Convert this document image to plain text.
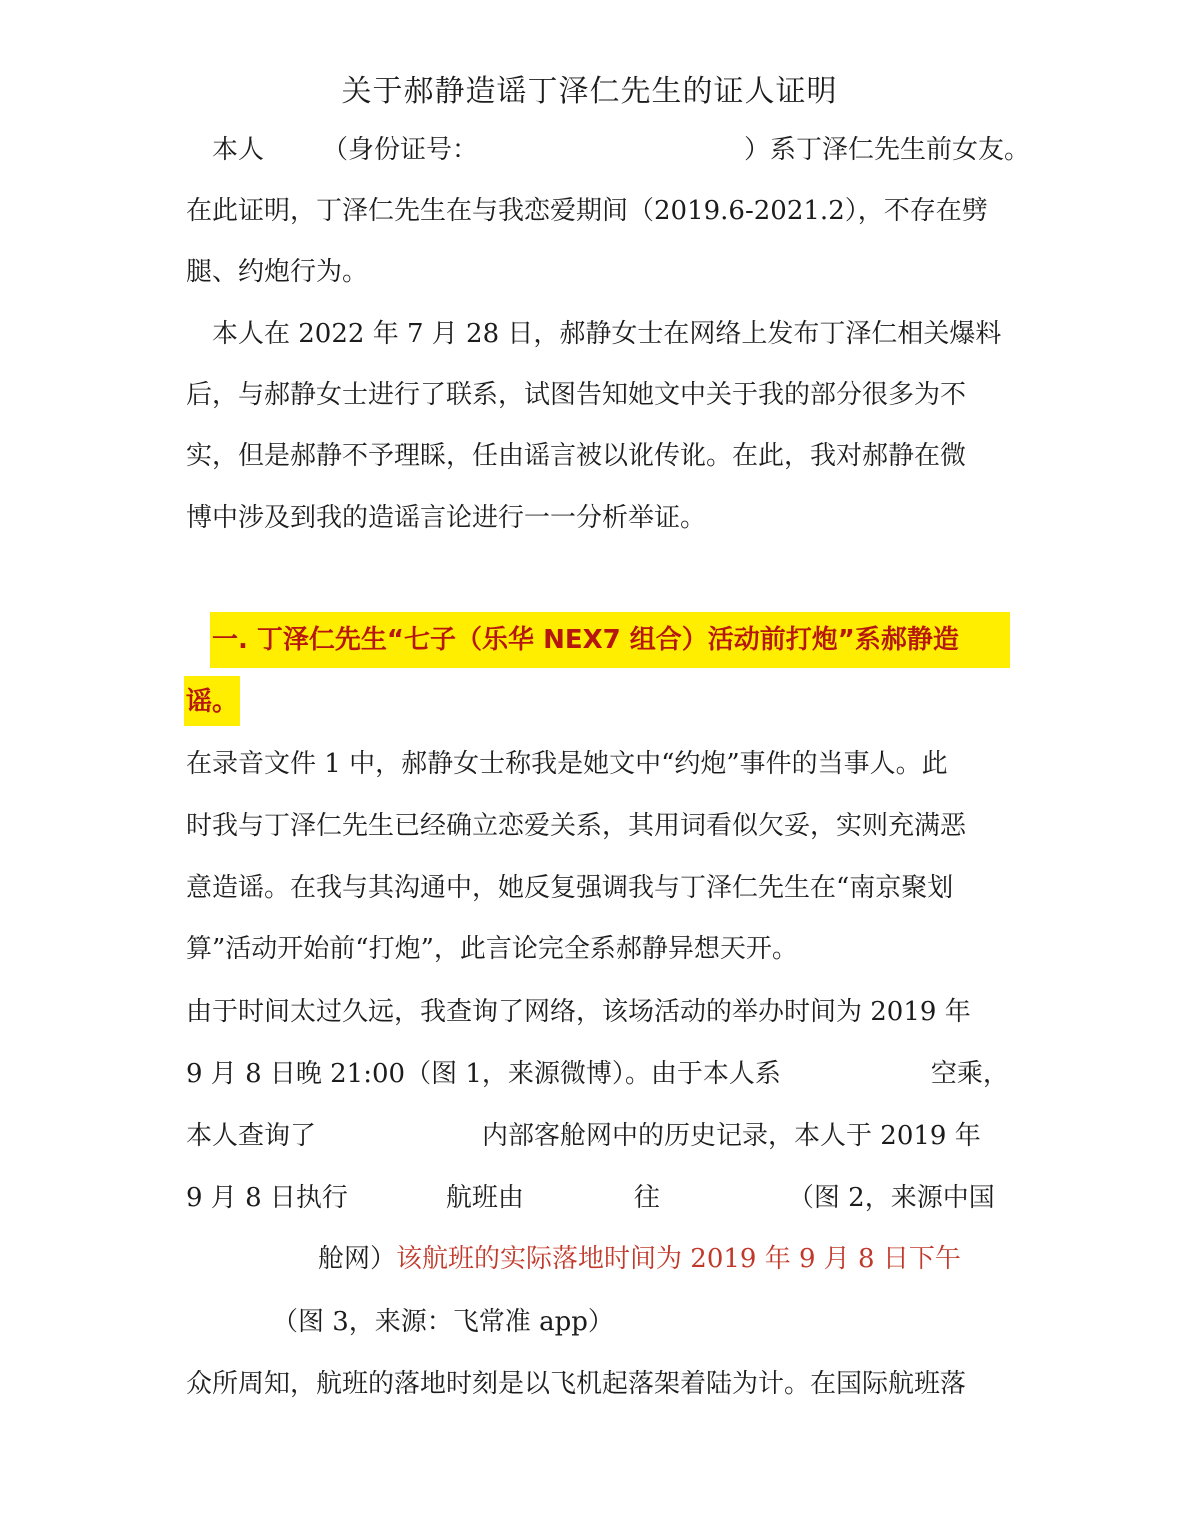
关于郝静造谣丁泽仁先生的证人证明
本人 （身份证号：	）系丁泽仁先生前女友。
在此证明，丁泽仁先生在与我恋爱期间（2019.6-2021.2），不存在劈
腿、约炮行为。
本人在 2022 年 7 月 28 日，郝静女士在网络上发布丁泽仁相关爆料
后，与郝静女士进行了联系，试图告知她文中关于我的部分很多为不
实，但是郝静不予理睬，任由谣言被以讹传讹。在此，我对郝静在微
博中涉及到我的造谣言论进行一一分析举证。
一. 丁泽仁先生“七子（乐华 NEX7 组合）活动前打炮”系郝静造
谣。
在录音文件 1 中，郝静女士称我是她文中“约炮”事件的当事人。此
时我与丁泽仁先生已经确立恋爱关系，其用词看似欠妥，实则充满恶
意造谣。在我与其沟通中，她反复强调我与丁泽仁先生在“南京聚划
算”活动开始前“打炮”，此言论完全系郝静异想天开。
由于时间太过久远，我查询了网络，该场活动的举办时间为 2019 年
9 月 8 日晚 21:00（图 1，来源微博）。由于本人系	空乘，
本人查询了	内部客舱网中的历史记录，本人于 2019 年
9 月 8 日执行	航班由	往	（图 2，来源中国
舱网）该航班的实际落地时间为 2019 年 9 月 8 日下午
（图 3，来源：飞常准 app）
众所周知，航班的落地时刻是以飞机起落架着陆为计。在国际航班落
